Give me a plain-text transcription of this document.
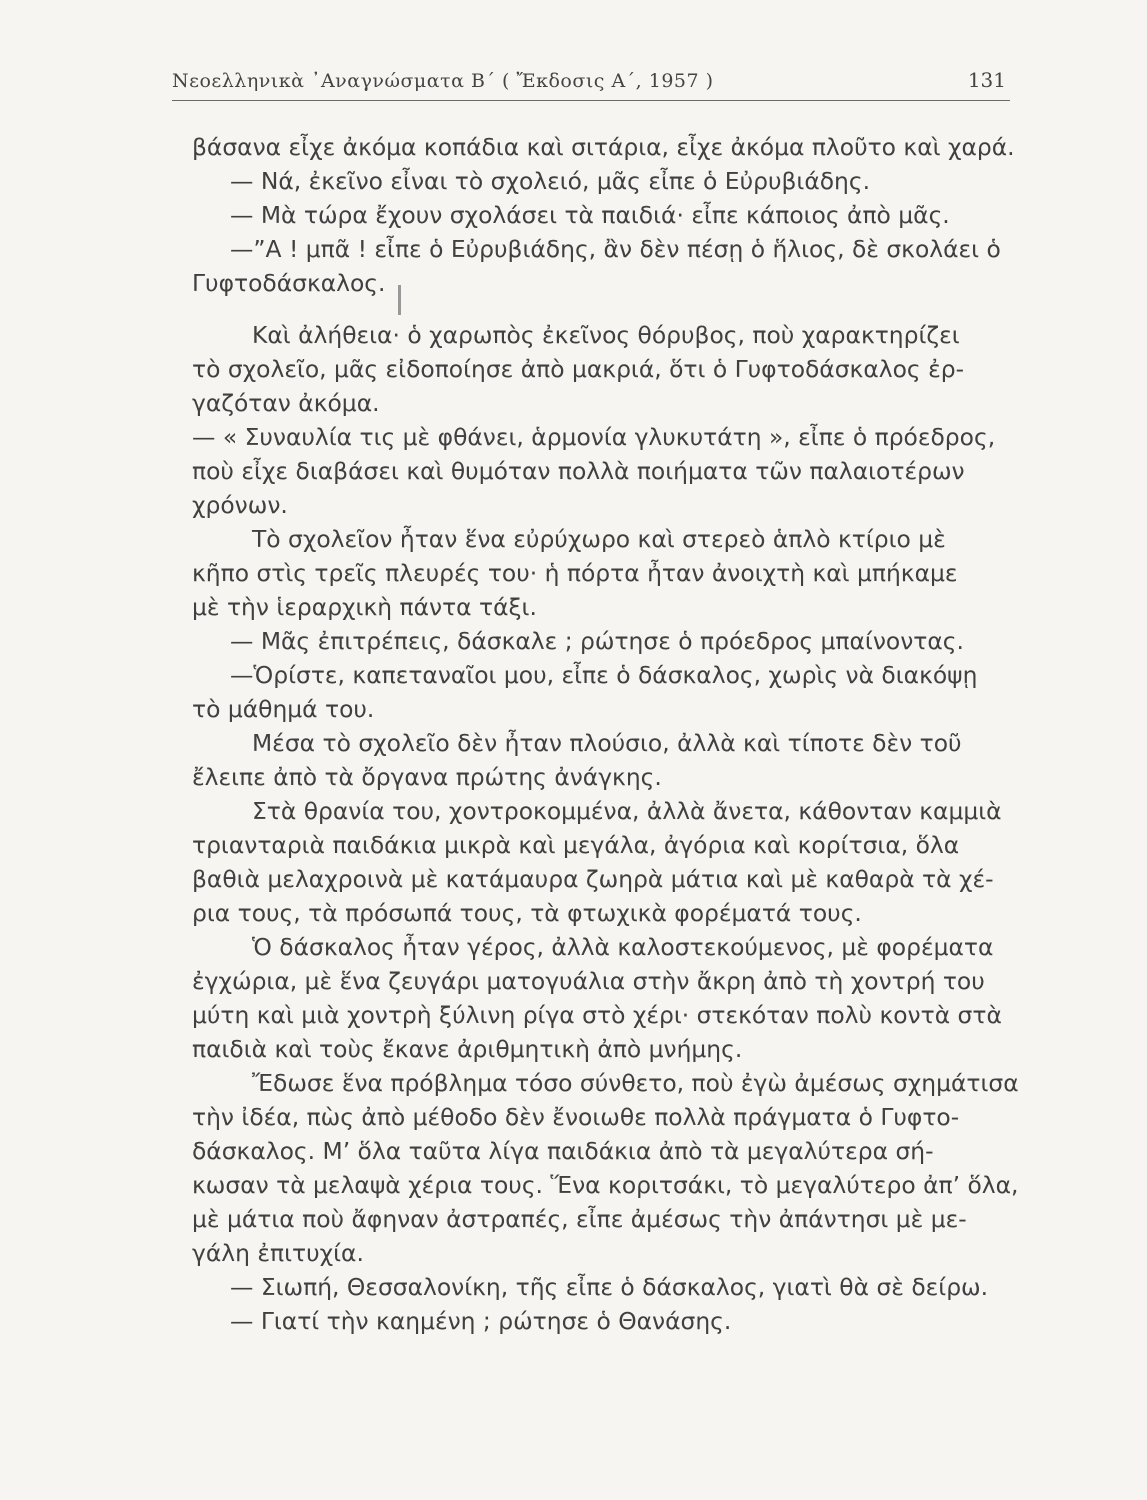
Νεοελληνικὰ ᾿Αναγνώσματα Β΄ ( Ἔκδοσις Α΄, 1957 )	131
βάσανα εἶχε ἀκόμα κοπάδια καὶ σιτάρια, εἶχε ἀκόμα πλοῦτο καὶ χαρά.
— Νά, ἐκεῖνο εἶναι τὸ σχολειό, μᾶς εἶπε ὁ Εὐρυβιάδης.
— Μὰ τώρα ἔχουν σχολάσει τὰ παιδιά· εἶπε κάποιος ἀπὸ μᾶς.
—”Α ! μπᾶ ! εἶπε ὁ Εὐρυβιάδης, ἂν δὲν πέσῃ ὁ ἥλιος, δὲ σκολάει ὁ
Γυφτοδάσκαλος.
Καὶ ἀλήθεια· ὁ χαρωπὸς ἐκεῖνος θόρυβος, ποὺ χαρακτηρίζει
τὸ σχολεῖο, μᾶς εἰδοποίησε ἀπὸ μακριά, ὅτι ὁ Γυφτοδάσκαλος ἐρ-
γαζόταν ἀκόμα.
— « Συναυλία τις μὲ φθάνει, ἁρμονία γλυκυτάτη », εἶπε ὁ πρόεδρος,
ποὺ εἶχε διαβάσει καὶ θυμόταν πολλὰ ποιήματα τῶν παλαιοτέρων
χρόνων.
Τὸ σχολεῖον ἦταν ἕνα εὐρύχωρο καὶ στερεὸ ἁπλὸ κτίριο μὲ
κῆπο στὶς τρεῖς πλευρές του· ἡ πόρτα ἦταν ἀνοιχτὴ καὶ μπήκαμε
μὲ τὴν ἱεραρχικὴ πάντα τάξι.
— Μᾶς ἐπιτρέπεις, δάσκαλε ; ρώτησε ὁ πρόεδρος μπαίνοντας.
—Ὁρίστε, καπεταναῖοι μου, εἶπε ὁ δάσκαλος, χωρὶς νὰ διακόψῃ
τὸ μάθημά του.
Μέσα τὸ σχολεῖο δὲν ἦταν πλούσιο, ἀλλὰ καὶ τίποτε δὲν τοῦ
ἔλειπε ἀπὸ τὰ ὄργανα πρώτης ἀνάγκης.
Στὰ θρανία του, χοντροκομμένα, ἀλλὰ ἄνετα, κάθονταν καμμιὰ
τριανταριὰ παιδάκια μικρὰ καὶ μεγάλα, ἀγόρια καὶ κορίτσια, ὅλα
βαθιὰ μελαχροινὰ μὲ κατάμαυρα ζωηρὰ μάτια καὶ μὲ καθαρὰ τὰ χέ-
ρια τους, τὰ πρόσωπά τους, τὰ φτωχικὰ φορέματά τους.
Ὁ δάσκαλος ἦταν γέρος, ἀλλὰ καλοστεκούμενος, μὲ φορέματα
ἐγχώρια, μὲ ἕνα ζευγάρι ματογυάλια στὴν ἄκρη ἀπὸ τὴ χοντρή του
μύτη καὶ μιὰ χοντρὴ ξύλινη ρίγα στὸ χέρι· στεκόταν πολὺ κοντὰ στὰ
παιδιὰ καὶ τοὺς ἔκανε ἀριθμητικὴ ἀπὸ μνήμης.
Ἔδωσε ἕνα πρόβλημα τόσο σύνθετο, ποὺ ἐγὼ ἀμέσως σχημάτισα
τὴν ἰδέα, πὼς ἀπὸ μέθοδο δὲν ἔνοιωθε πολλὰ πράγματα ὁ Γυφτο-
δάσκαλος. Μ’ ὅλα ταῦτα λίγα παιδάκια ἀπὸ τὰ μεγαλύτερα σή-
κωσαν τὰ μελαψὰ χέρια τους. Ἕνα κοριτσάκι, τὸ μεγαλύτερο ἀπ’ ὅλα,
μὲ μάτια ποὺ ἄφηναν ἀστραπές, εἶπε ἀμέσως τὴν ἀπάντησι μὲ με-
γάλη ἐπιτυχία.
— Σιωπή, Θεσσαλονίκη, τῆς εἶπε ὁ δάσκαλος, γιατὶ θὰ σὲ δείρω.
— Γιατί τὴν καημένη ; ρώτησε ὁ Θανάσης.
